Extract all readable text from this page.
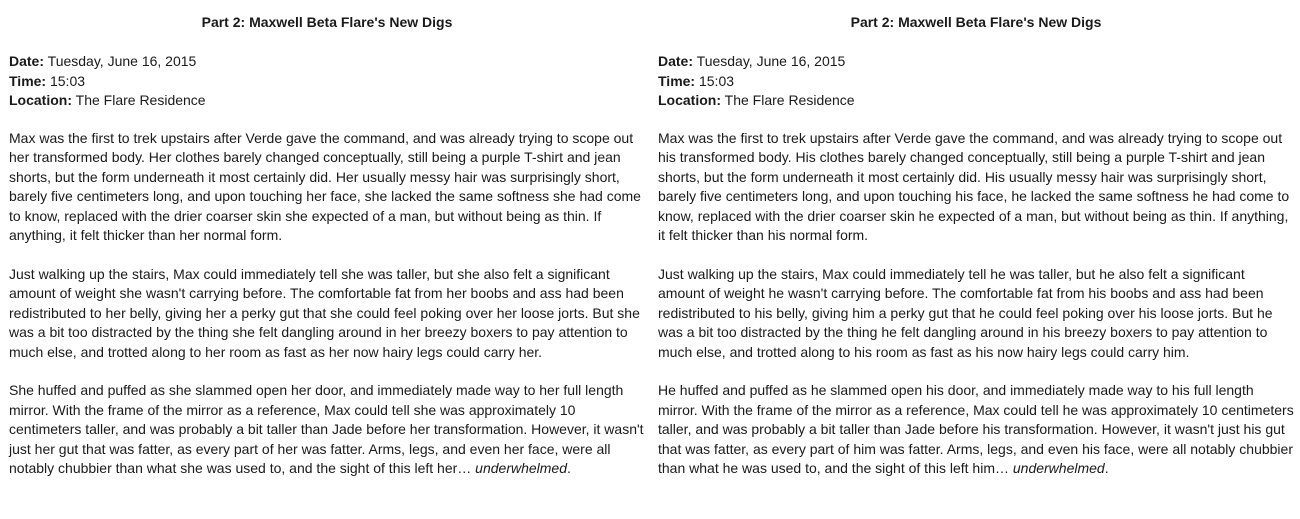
Part 2: Maxwell Beta Flare's New Digs
Date: Tuesday, June 16, 2015
Time: 15:03
Location: The Flare Residence

Max was the first to trek upstairs after Verde gave the command, and was already trying to scope out her transformed body. Her clothes barely changed conceptually, still being a purple T-shirt and jean shorts, but the form underneath it most certainly did. Her usually messy hair was surprisingly short, barely five centimeters long, and upon touching her face, she lacked the same softness she had come to know, replaced with the drier coarser skin she expected of a man, but without being as thin. If anything, it felt thicker than her normal form.

Just walking up the stairs, Max could immediately tell she was taller, but she also felt a significant amount of weight she wasn't carrying before. The comfortable fat from her boobs and ass had been redistributed to her belly, giving her a perky gut that she could feel poking over her loose jorts. But she was a bit too distracted by the thing she felt dangling around in her breezy boxers to pay attention to much else, and trotted along to her room as fast as her now hairy legs could carry her.

She huffed and puffed as she slammed open her door, and immediately made way to her full length mirror. With the frame of the mirror as a reference, Max could tell she was approximately 10 centimeters taller, and was probably a bit taller than Jade before her transformation. However, it wasn't just her gut that was fatter, as every part of her was fatter. Arms, legs, and even her face, were all notably chubbier than what she was used to, and the sight of this left her… underwhelmed.

Part 2: Maxwell Beta Flare's New Digs
Date: Tuesday, June 16, 2015
Time: 15:03
Location: The Flare Residence

Max was the first to trek upstairs after Verde gave the command, and was already trying to scope out his transformed body. His clothes barely changed conceptually, still being a purple T-shirt and jean shorts, but the form underneath it most certainly did. His usually messy hair was surprisingly short, barely five centimeters long, and upon touching his face, he lacked the same softness he had come to know, replaced with the drier coarser skin he expected of a man, but without being as thin. If anything, it felt thicker than his normal form.

Just walking up the stairs, Max could immediately tell he was taller, but he also felt a significant amount of weight he wasn't carrying before. The comfortable fat from his boobs and ass had been redistributed to his belly, giving him a perky gut that he could feel poking over his loose jorts. But he was a bit too distracted by the thing he felt dangling around in his breezy boxers to pay attention to much else, and trotted along to his room as fast as his now hairy legs could carry him.

He huffed and puffed as he slammed open his door, and immediately made way to his full length mirror. With the frame of the mirror as a reference, Max could tell he was approximately 10 centimeters taller, and was probably a bit taller than Jade before his transformation. However, it wasn't just his gut that was fatter, as every part of him was fatter. Arms, legs, and even his face, were all notably chubbier than what he was used to, and the sight of this left him… underwhelmed.
